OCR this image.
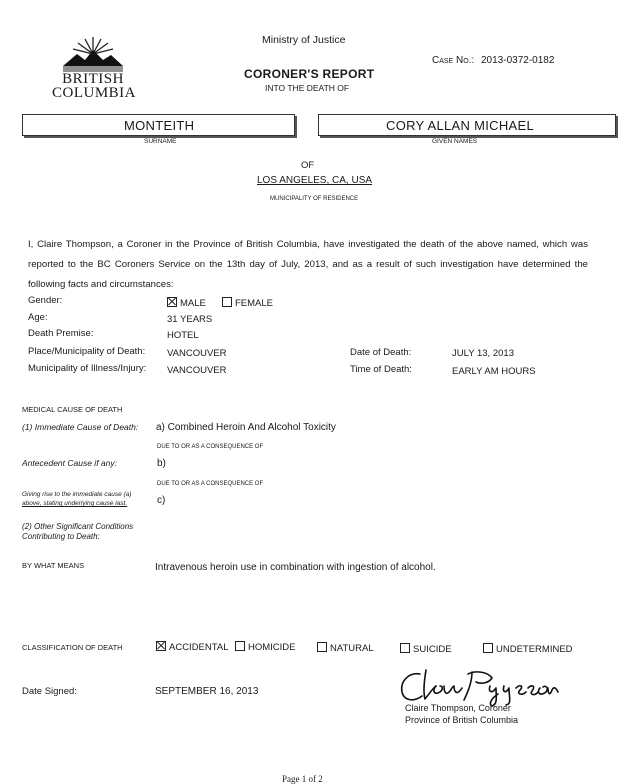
BRITISH
COLUMBIA
Ministry of Justice
Case No.: 2013-0372-0182
CORONER'S REPORT
INTO THE DEATH OF
MONTEITH
SURNAME
CORY ALLAN MICHAEL
GIVEN NAMES
OF
LOS ANGELES, CA, USA
MUNICIPALITY OF RESIDENCE
I, Claire Thompson, a Coroner in the Province of British Columbia, have investigated the death of the above named, which was reported to the BC Coroners Service on the 13th day of July, 2013, and as a result of such investigation have determined the following facts and circumstances:
Gender:	MALE	FEMALE
Age:	31 YEARS
Death Premise:	HOTEL
Place/Municipality of Death: VANCOUVER	Date of Death:	JULY 13, 2013
Municipality of Illness/Injury: VANCOUVER	Time of Death:	EARLY AM HOURS
MEDICAL CAUSE OF DEATH
(1) Immediate Cause of Death: a) Combined Heroin And Alcohol Toxicity
DUE TO OR AS A CONSEQUENCE OF
Antecedent Cause if any:	b)
DUE TO OR AS A CONSEQUENCE OF
Giving rise to the immediate cause (a)
above, stating underlying cause last.	c)
(2) Other Significant Conditions
Contributing to Death:
BY WHAT MEANS	Intravenous heroin use in combination with ingestion of alcohol.
CLASSIFICATION OF DEATH	ACCIDENTAL	HOMICIDE	NATURAL	SUICIDE	UNDETERMINED
Date Signed:	SEPTEMBER 16, 2013
Claire Thompson, Coroner
Province of British Columbia
Page 1 of 2
